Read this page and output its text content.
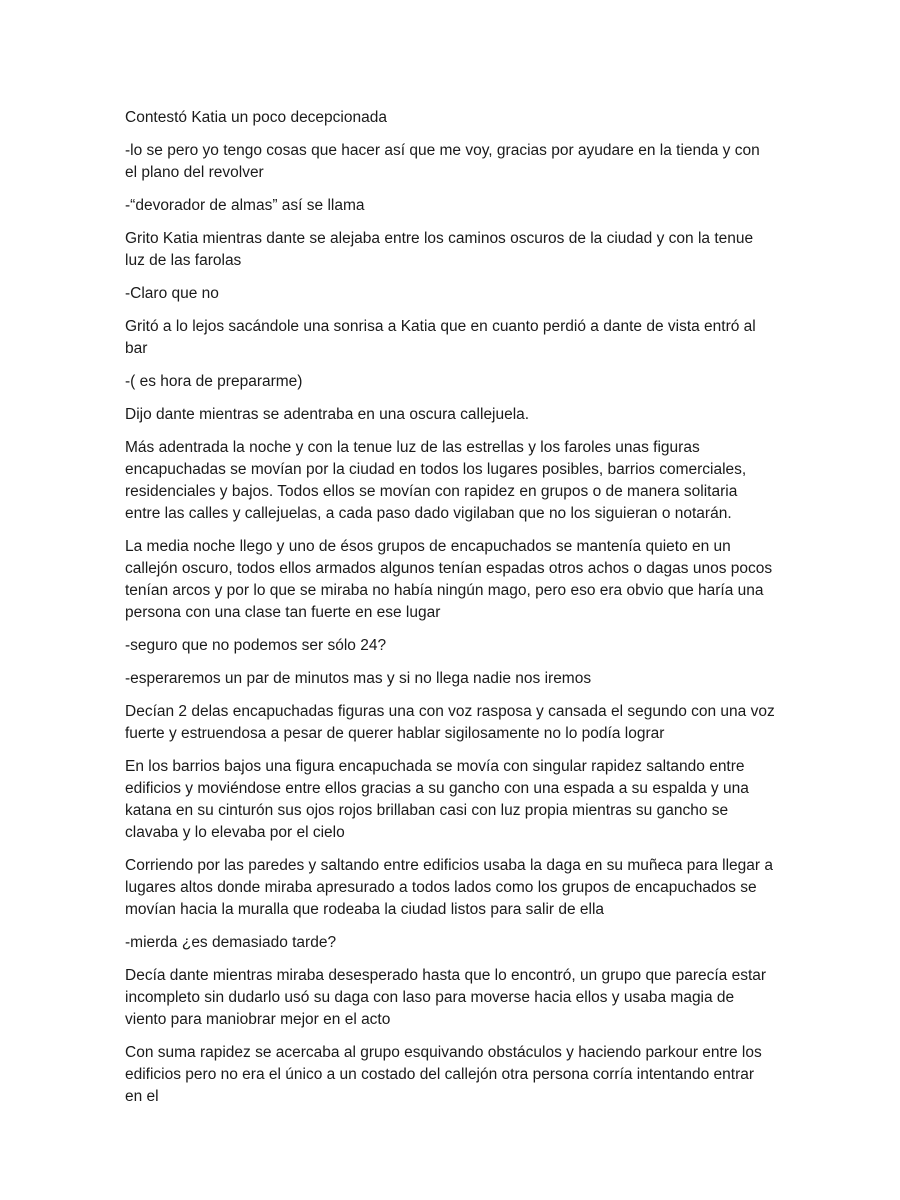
Contestó Katia un poco decepcionada

-lo se pero yo tengo cosas que hacer así que me voy, gracias por ayudare en la tienda y con el plano del revolver

-“devorador de almas” así se llama

Grito Katia mientras dante se alejaba entre los caminos oscuros de la ciudad y con la tenue luz de las farolas

-Claro que no

Gritó a lo lejos sacándole una sonrisa a Katia que en cuanto perdió a dante de vista entró al bar

-( es hora de prepararme)

Dijo dante mientras se adentraba en una oscura callejuela.

Más adentrada la noche y con la tenue luz de las estrellas y los faroles unas figuras encapuchadas se movían por la ciudad en todos los lugares posibles, barrios comerciales, residenciales y bajos. Todos ellos se movían con rapidez en grupos o de manera solitaria entre las calles y callejuelas, a cada paso dado vigilaban que no los siguieran o notarán.

La media noche llego y uno de ésos grupos de encapuchados se mantenía quieto en un callejón oscuro, todos ellos armados algunos tenían espadas otros achos o dagas unos pocos tenían arcos y por lo que se miraba no había ningún mago, pero eso era obvio que haría una persona con una clase tan fuerte en ese lugar

-seguro que no podemos ser sólo 24?

-esperaremos un par de minutos mas y si no llega nadie nos iremos

Decían 2 delas encapuchadas figuras una con voz rasposa y cansada el segundo con una voz fuerte y estruendosa a pesar de querer hablar sigilosamente no lo podía lograr

En los barrios bajos una figura encapuchada se movía con singular rapidez saltando entre edificios y moviéndose entre ellos gracias a su gancho con una espada a su espalda y una katana en su cinturón sus ojos rojos brillaban casi con luz propia mientras su gancho se clavaba y lo elevaba por el cielo

Corriendo por las paredes y saltando entre edificios usaba la daga en su muñeca para llegar a lugares altos donde miraba apresurado a todos lados como los grupos de encapuchados se movían hacia la muralla que rodeaba la ciudad listos para salir de ella

-mierda ¿es demasiado tarde?

Decía dante mientras miraba desesperado hasta que lo encontró, un grupo que parecía estar incompleto sin dudarlo usó su daga con laso para moverse hacia ellos y usaba magia de viento para maniobrar mejor en el acto

Con suma rapidez se acercaba al grupo esquivando obstáculos y haciendo parkour entre los edificios pero no era el único a un costado del callejón otra persona corría intentando entrar en el
